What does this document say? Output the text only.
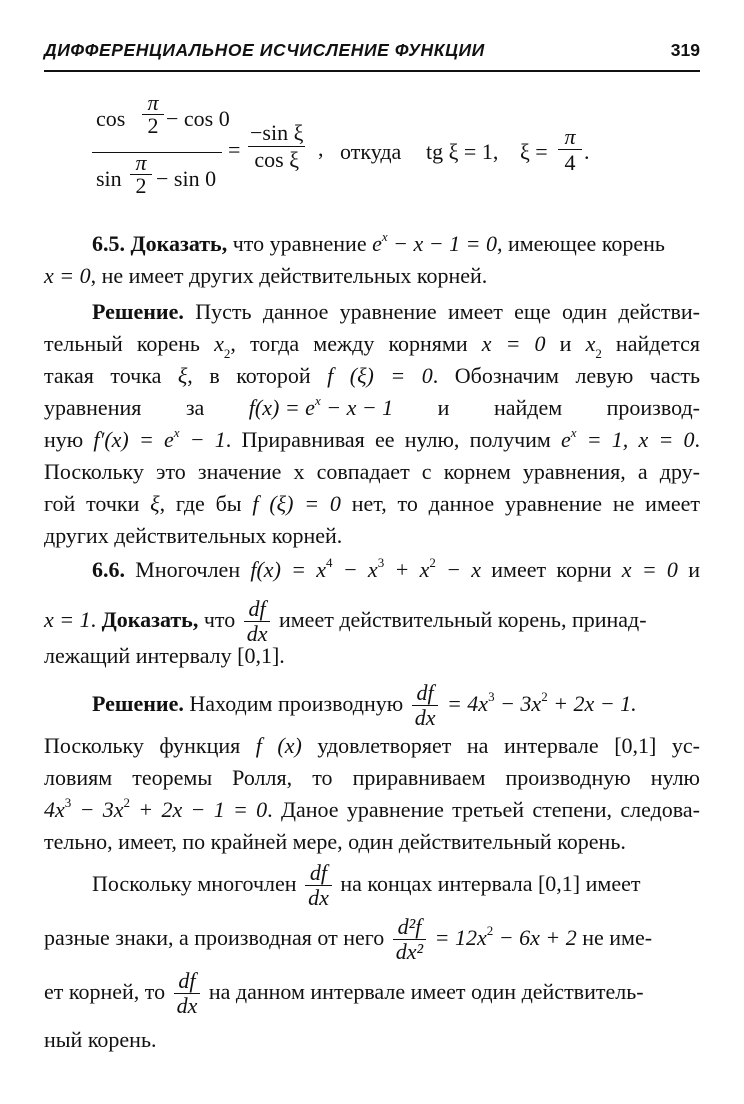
ДИФФЕРЕНЦИАЛЬНОЕ ИСЧИСЛЕНИЕ ФУНКЦИИ	319
cos
π
2 − cos 0
sin
π
2 − sin 0
= $\frac{\text{−sin ξ}}{\text{cos ξ}}$ , откуда tg ξ = 1, ξ =
π
4 .
6.5. Доказать, что уравнение $e^x - x - 1 = 0$, имеющее корень
x = 0, не имеет других действительных корней.
Решение. Пусть данное уравнение имеет еще один действи-
тельный корень $x_2$, тогда между корнями x = 0 и $x_2$ найдется
такая точка ξ, в которой f (ξ) = 0. Обозначим левую часть
уравнения за $f(x) = e^x - x - 1$ и найдем производ-
ную $f'(x) = e^x - 1$. Приравнивая ее нулю, получим $e^x = 1$, x = 0.
Поскольку это значение x совпадает с корнем уравнения, а дру-
гой точки ξ, где бы f (ξ) = 0 нет, то данное уравнение не имеет
других действительных корней.
6.6. Многочлен $f(x) = x^4 - x^3 + x^2 - x$ имеет корни x = 0 и
x = 1. Доказать, что $\frac{df}{dx}$ имеет действительный корень, принад-
лежащий интервалу [0,1].
Решение. Находим производную $\frac{df}{dx} = 4x^3 - 3x^2 + 2x - 1$.
Поскольку функция f (x) удовлетворяет на интервале [0,1] ус-
ловиям теоремы Ролля, то приравниваем производную нулю
$4x^3 - 3x^2 + 2x - 1 = 0$. Даное уравнение третьей степени, следова-
тельно, имеет, по крайней мере, один действительный корень.
Поскольку многочлен $\frac{df}{dx}$ на концах интервала [0,1] имеет
разные знаки, а производная от него $\frac{\text{d²f}}{\text{dx²}} = 12x^2 - 6x + 2$ не име-
ет корней, то $\frac{df}{dx}$ на данном интервале имеет один действитель-
ный корень.
